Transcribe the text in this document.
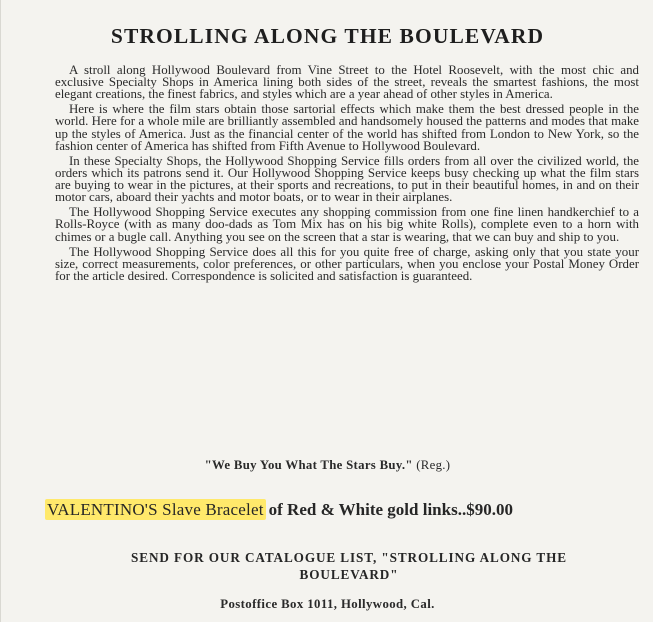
STROLLING ALONG THE BOULEVARD

A stroll along Hollywood Boulevard from Vine Street to the Hotel Roosevelt, with the most chic and exclusive Specialty Shops in America lining both sides of the street, reveals the smartest fashions, the most elegant creations, the finest fabrics, and styles which are a year ahead of other styles in America.

Here is where the film stars obtain those sartorial effects which make them the best dressed people in the world. Here for a whole mile are brilliantly assembled and handsomely housed the patterns and modes that make up the styles of America. Just as the financial center of the world has shifted from London to New York, so the fashion center of America has shifted from Fifth Avenue to Hollywood Boulevard.

In these Specialty Shops, the Hollywood Shopping Service fills orders from all over the civilized world, the orders which its patrons send it. Our Hollywood Shopping Service keeps busy checking up what the film stars are buying to wear in the pictures, at their sports and recreations, to put in their beautiful homes, in and on their motor cars, aboard their yachts and motor boats, or to wear in their airplanes.

The Hollywood Shopping Service executes any shopping commission from one fine linen handkerchief to a Rolls-Royce (with as many doo-dads as Tom Mix has on his big white Rolls), complete even to a horn with chimes or a bugle call. Anything you see on the screen that a star is wearing, that we can buy and ship to you.

The Hollywood Shopping Service does all this for you quite free of charge, asking only that you state your size, correct measurements, color preferences, or other particulars, when you enclose your Postal Money Order for the article desired. Correspondence is solicited and satisfaction is guaranteed.

"We Buy You What The Stars Buy." (Reg.)
VALENTINO'S Slave Bracelet of Red & White gold links..$90.00
SEND FOR OUR CATALOGUE LIST, "STROLLING ALONG THE
BOULEVARD"
Postoffice Box 1011, Hollywood, Cal.
